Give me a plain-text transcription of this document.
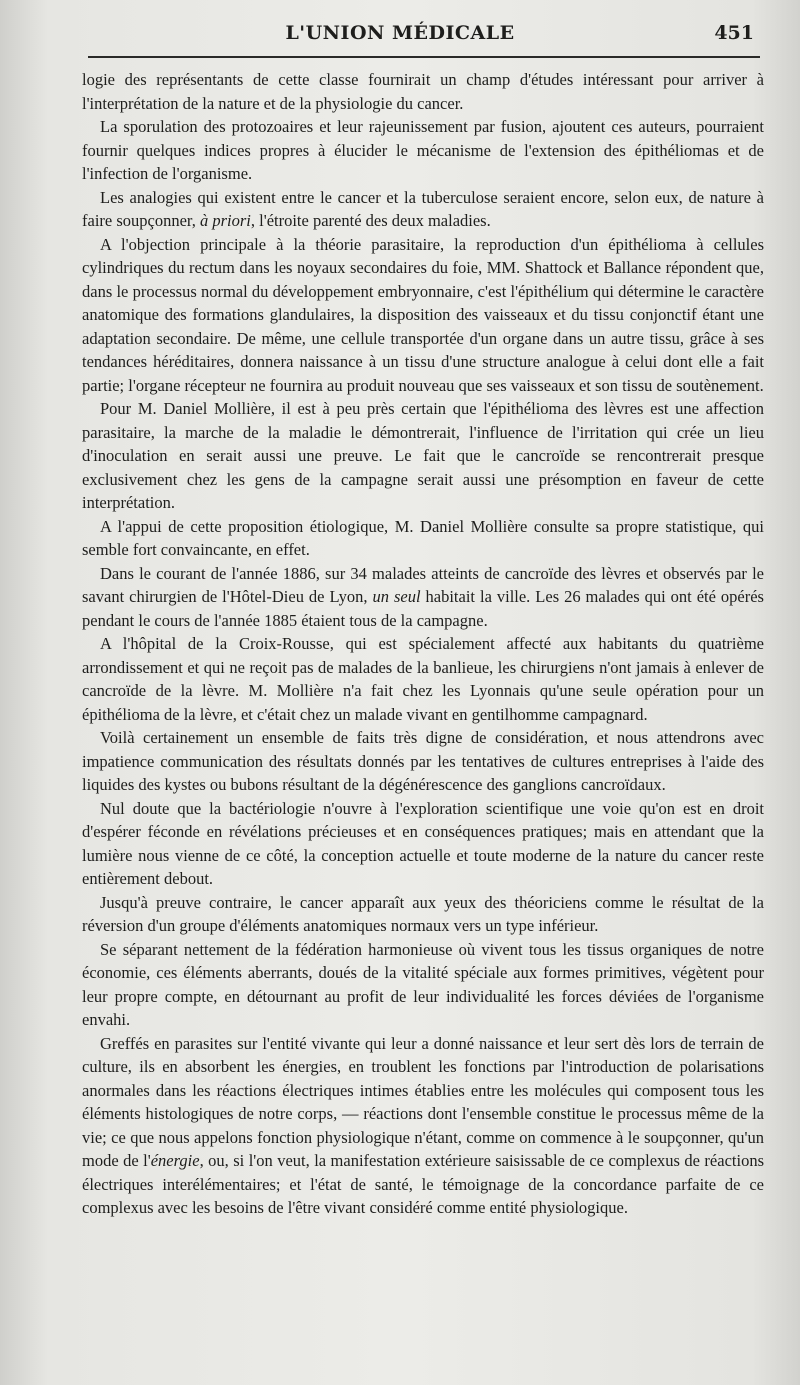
L'UNION MÉDICALE	451

logie des représentants de cette classe fournirait un champ d'études intéressant pour arriver à l'interprétation de la nature et de la physiologie du cancer.

La sporulation des protozoaires et leur rajeunissement par fusion, ajoutent ces auteurs, pourraient fournir quelques indices propres à élucider le mécanisme de l'extension des épithéliomas et de l'infection de l'organisme.

Les analogies qui existent entre le cancer et la tuberculose seraient encore, selon eux, de nature à faire soupçonner, à priori, l'étroite parenté des deux maladies.

A l'objection principale à la théorie parasitaire, la reproduction d'un épithélioma à cellules cylindriques du rectum dans les noyaux secondaires du foie, MM. Shattock et Ballance répondent que, dans le processus normal du développement embryonnaire, c'est l'épithélium qui détermine le caractère anatomique des formations glandulaires, la disposition des vaisseaux et du tissu conjonctif étant une adaptation secondaire. De même, une cellule transportée d'un organe dans un autre tissu, grâce à ses tendances héréditaires, donnera naissance à un tissu d'une structure analogue à celui dont elle a fait partie; l'organe récepteur ne fournira au produit nouveau que ses vaisseaux et son tissu de soutènement.

Pour M. Daniel Mollière, il est à peu près certain que l'épithélioma des lèvres est une affection parasitaire, la marche de la maladie le démontrerait, l'influence de l'irritation qui crée un lieu d'inoculation en serait aussi une preuve. Le fait que le cancroïde se rencontrerait presque exclusivement chez les gens de la campagne serait aussi une présomption en faveur de cette interprétation.

A l'appui de cette proposition étiologique, M. Daniel Mollière consulte sa propre statistique, qui semble fort convaincante, en effet.

Dans le courant de l'année 1886, sur 34 malades atteints de cancroïde des lèvres et observés par le savant chirurgien de l'Hôtel-Dieu de Lyon, un seul habitait la ville. Les 26 malades qui ont été opérés pendant le cours de l'année 1885 étaient tous de la campagne.

A l'hôpital de la Croix-Rousse, qui est spécialement affecté aux habitants du quatrième arrondissement et qui ne reçoit pas de malades de la banlieue, les chirurgiens n'ont jamais à enlever de cancroïde de la lèvre. M. Mollière n'a fait chez les Lyonnais qu'une seule opération pour un épithélioma de la lèvre, et c'était chez un malade vivant en gentilhomme campagnard.

Voilà certainement un ensemble de faits très digne de considération, et nous attendrons avec impatience communication des résultats donnés par les tentatives de cultures entreprises à l'aide des liquides des kystes ou bubons résultant de la dégénérescence des ganglions cancroïdaux.

Nul doute que la bactériologie n'ouvre à l'exploration scientifique une voie qu'on est en droit d'espérer féconde en révélations précieuses et en conséquences pratiques; mais en attendant que la lumière nous vienne de ce côté, la conception actuelle et toute moderne de la nature du cancer reste entièrement debout.

Jusqu'à preuve contraire, le cancer apparaît aux yeux des théoriciens comme le résultat de la réversion d'un groupe d'éléments anatomiques normaux vers un type inférieur.

Se séparant nettement de la fédération harmonieuse où vivent tous les tissus organiques de notre économie, ces éléments aberrants, doués de la vitalité spéciale aux formes primitives, végètent pour leur propre compte, en détournant au profit de leur individualité les forces déviées de l'organisme envahi.

Greffés en parasites sur l'entité vivante qui leur a donné naissance et leur sert dès lors de terrain de culture, ils en absorbent les énergies, en troublent les fonctions par l'introduction de polarisations anormales dans les réactions électriques intimes établies entre les molécules qui composent tous les éléments histologiques de notre corps, — réactions dont l'ensemble constitue le processus même de la vie; ce que nous appelons fonction physiologique n'étant, comme on commence à le soupçonner, qu'un mode de l'énergie, ou, si l'on veut, la manifestation extérieure saisissable de ce complexus de réactions électriques interélémentaires; et l'état de santé, le témoignage de la concordance parfaite de ce complexus avec les besoins de l'être vivant considéré comme entité physiologique.
